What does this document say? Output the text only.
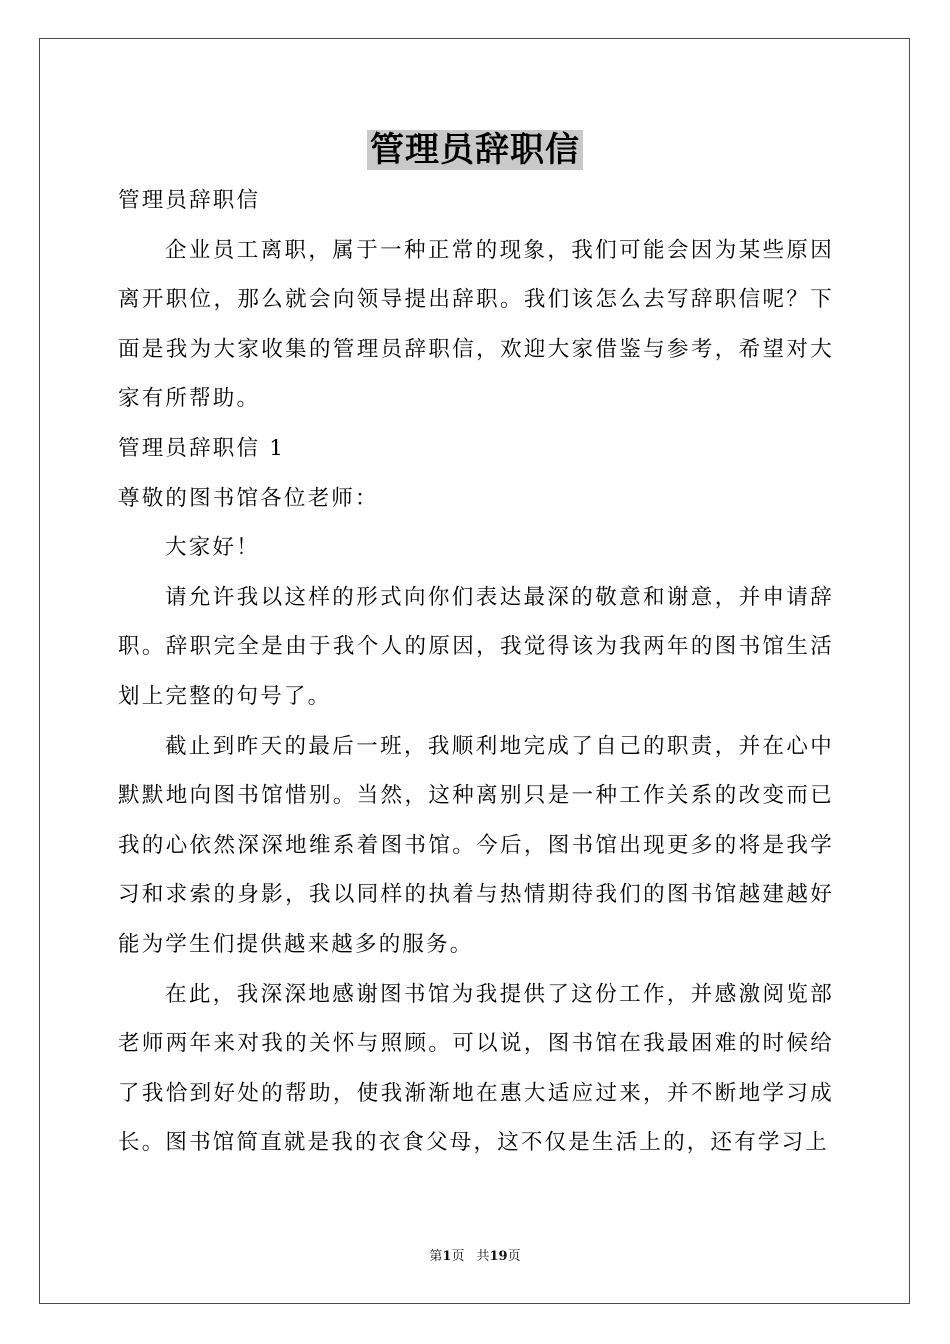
管理员辞职信

管理员辞职信

企业员工离职，属于一种正常的现象，我们可能会因为某些原因离开职位，那么就会向领导提出辞职。我们该怎么去写辞职信呢？下面是我为大家收集的管理员辞职信，欢迎大家借鉴与参考，希望对大家有所帮助。

管理员辞职信 1

尊敬的图书馆各位老师：

大家好！

请允许我以这样的形式向你们表达最深的敬意和谢意，并申请辞职。辞职完全是由于我个人的原因，我觉得该为我两年的图书馆生活划上完整的句号了。

截止到昨天的最后一班，我顺利地完成了自己的职责，并在心中默默地向图书馆惜别。当然，这种离别只是一种工作关系的改变而已我的心依然深深地维系着图书馆。今后，图书馆出现更多的将是我学习和求索的身影，我以同样的执着与热情期待我们的图书馆越建越好能为学生们提供越来越多的服务。

在此，我深深地感谢图书馆为我提供了这份工作，并感激阅览部老师两年来对我的关怀与照顾。可以说，图书馆在我最困难的时候给了我恰到好处的帮助，使我渐渐地在惠大适应过来，并不断地学习成长。图书馆简直就是我的衣食父母，这不仅是生活上的，还有学习上

第1页 共19页
